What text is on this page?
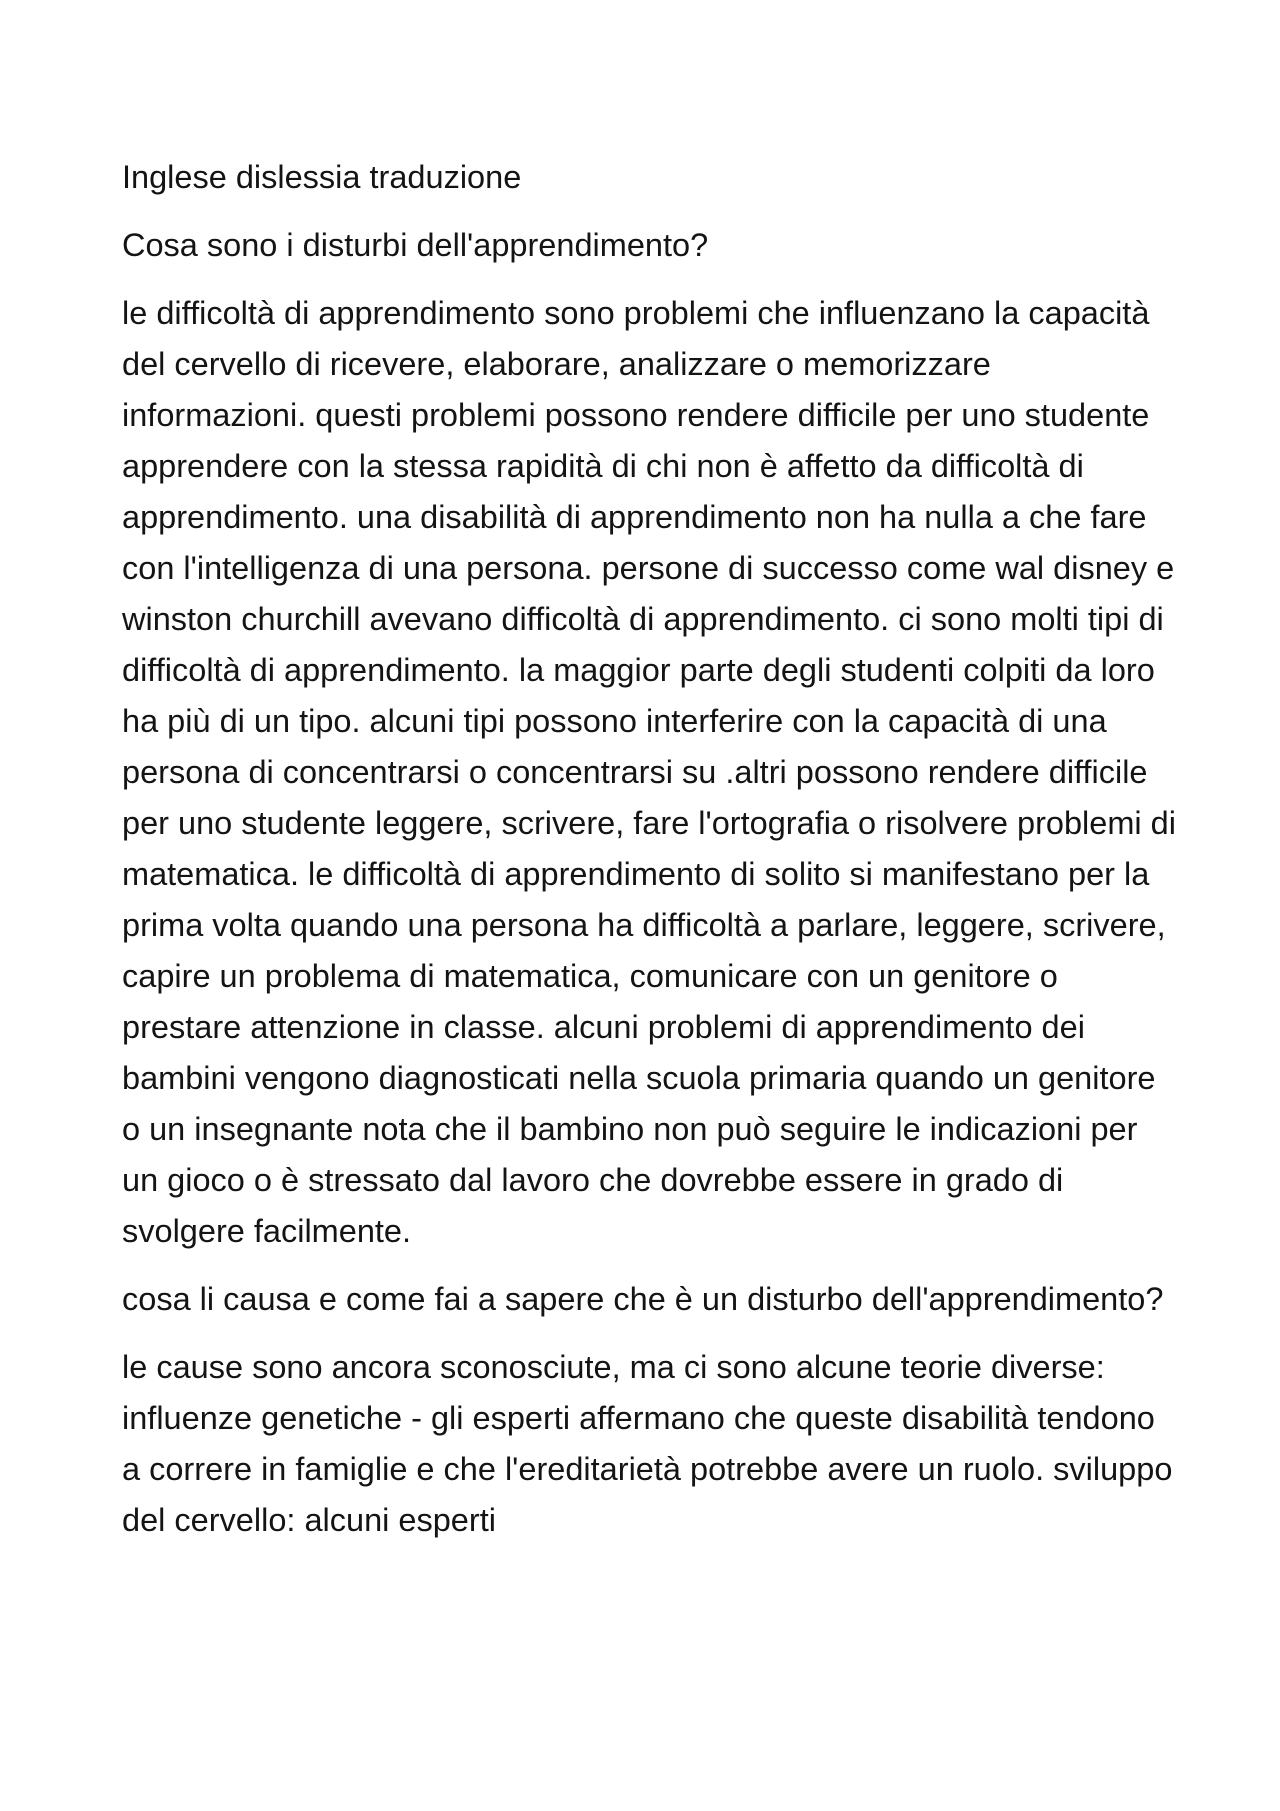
Inglese dislessia traduzione

Cosa sono i disturbi dell'apprendimento?

le difficoltà di apprendimento sono problemi che influenzano la capacità del cervello di ricevere, elaborare, analizzare o memorizzare informazioni. questi problemi possono rendere difficile per uno studente apprendere con la stessa rapidità di chi non è affetto da difficoltà di apprendimento. una disabilità di apprendimento non ha nulla a che fare con l'intelligenza di una persona. persone di successo come wal disney e winston churchill avevano difficoltà di apprendimento. ci sono molti tipi di difficoltà di apprendimento. la maggior parte degli studenti colpiti da loro ha più di un tipo. alcuni tipi possono interferire con la capacità di una persona di concentrarsi o concentrarsi su .altri possono rendere difficile per uno studente leggere, scrivere, fare l'ortografia o risolvere problemi di matematica. le difficoltà di apprendimento di solito si manifestano per la prima volta quando una persona ha difficoltà a parlare, leggere, scrivere, capire un problema di matematica, comunicare con un genitore o prestare attenzione in classe. alcuni problemi di apprendimento dei bambini vengono diagnosticati nella scuola primaria quando un genitore o un insegnante nota che il bambino non può seguire le indicazioni per un gioco o è stressato dal lavoro che dovrebbe essere in grado di svolgere facilmente.

cosa li causa e come fai a sapere che è un disturbo dell'apprendimento?

le cause sono ancora sconosciute, ma ci sono alcune teorie diverse: influenze genetiche - gli esperti affermano che queste disabilità tendono a correre in famiglie e che l'ereditarietà potrebbe avere un ruolo. sviluppo del cervello: alcuni esperti
